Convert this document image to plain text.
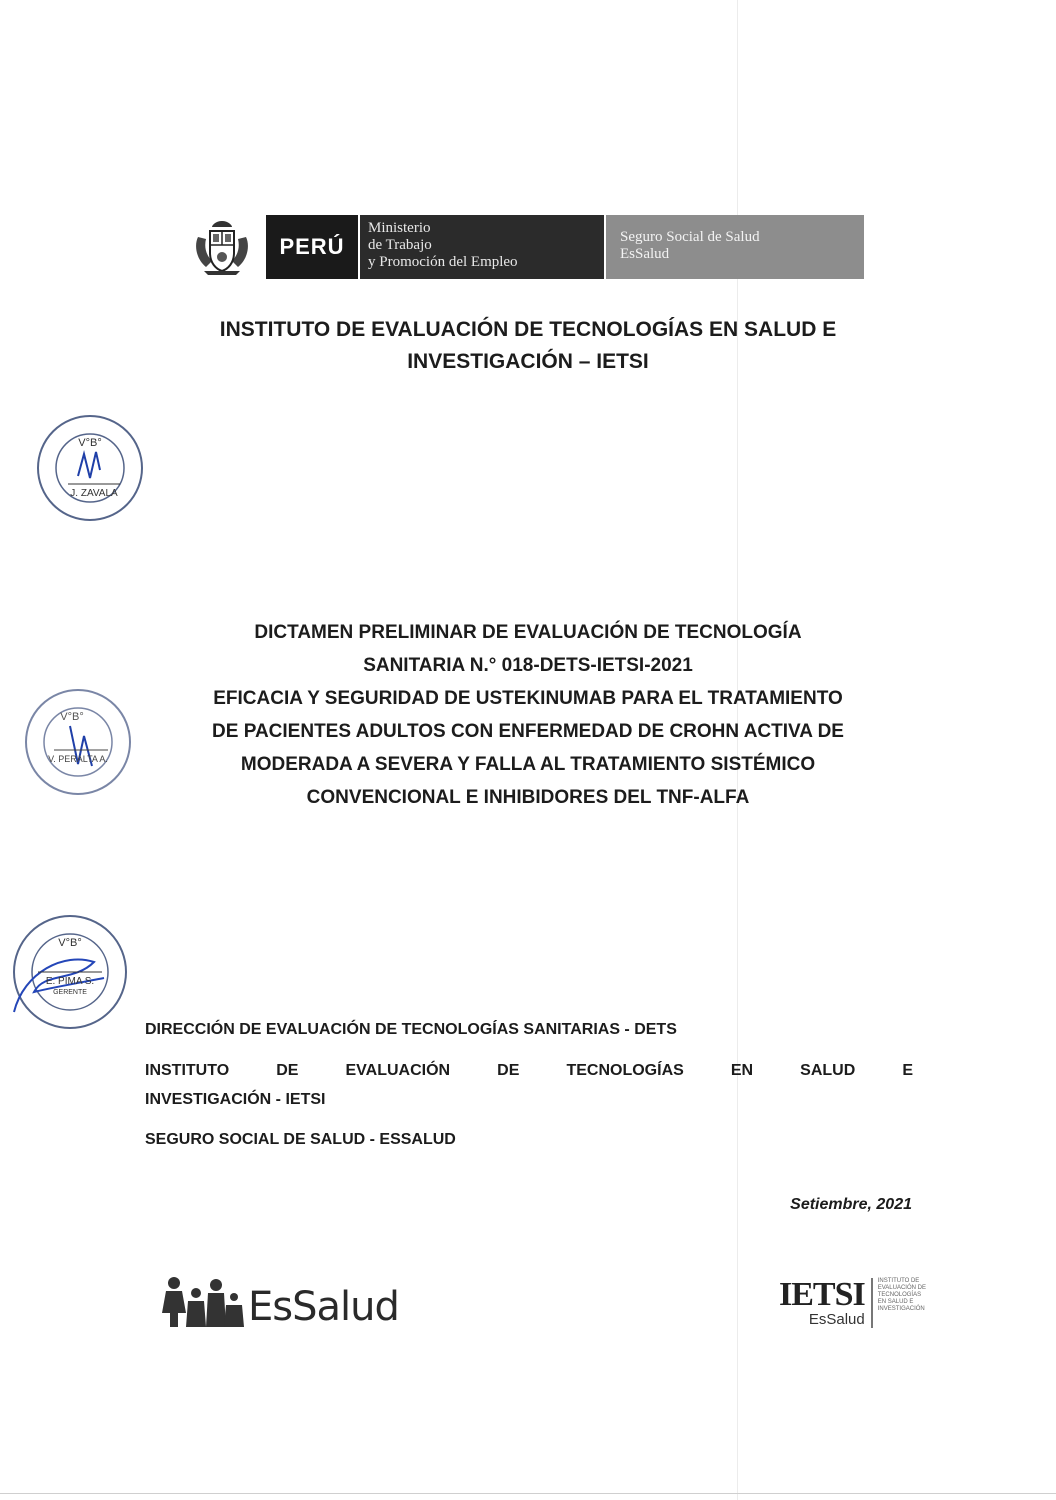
PERÚ
Ministerio
de Trabajo
y Promoción del Empleo
Seguro Social de Salud
EsSalud
INSTITUTO DE EVALUACIÓN DE TECNOLOGÍAS EN SALUD E
INVESTIGACIÓN – IETSI
V°B°
J. ZAVALA
DICTAMEN PRELIMINAR DE EVALUACIÓN DE TECNOLOGÍA
SANITARIA N.° 018-DETS-IETSI-2021
EFICACIA Y SEGURIDAD DE USTEKINUMAB PARA EL TRATAMIENTO
DE PACIENTES ADULTOS CON ENFERMEDAD DE CROHN ACTIVA DE
MODERADA A SEVERA Y FALLA AL TRATAMIENTO SISTÉMICO
CONVENCIONAL E INHIBIDORES DEL TNF-ALFA
V°B°
V. PERALTA A.
V°B°
E. PIMA S.
GERENTE
DIRECCIÓN DE EVALUACIÓN DE TECNOLOGÍAS SANITARIAS - DETS
INSTITUTO DE EVALUACIÓN DE TECNOLOGÍAS EN SALUD E
INVESTIGACIÓN - IETSI
SEGURO SOCIAL DE SALUD - ESSALUD
Setiembre, 2021
EsSalud	IETSI
EsSalud
INSTITUTO DE EVALUACIÓN DE TECNOLOGÍAS EN SALUD E INVESTIGACIÓN
